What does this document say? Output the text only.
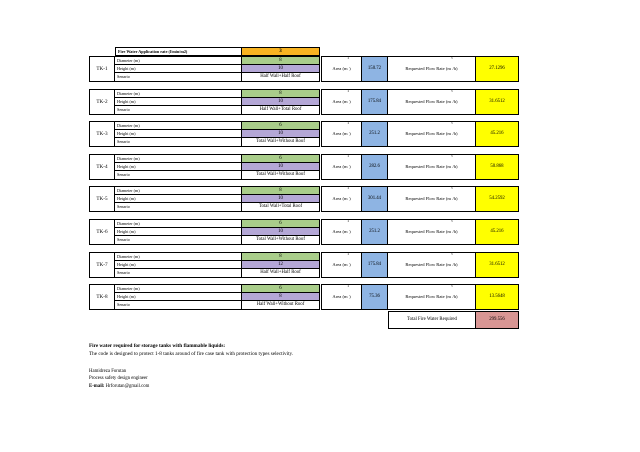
Fire Water Application rate (l/min/m2)	3
TK-1
Diameter (m)	8
Height (m)	10
Senario	Half Wall+Half Roof
Area $(m^2)$	150.72	Requested Flow Rate $(m^3/h)$	27.1296
TK-2
Diameter (m)	8
Height (m)	10
Senario	Half Wall+Total Roof
Area $(m^2)$	175.84	Requested Flow Rate $(m^3/h)$	31.6512
TK-3
Diameter (m)	6
Height (m)	10
Senario	Total Wall+Without Roof
Area $(m^2)$	251.2	Requested Flow Rate $(m^3/h)$	45.216
TK-4
Diameter (m)	6
Height (m)	10
Senario	Total Wall+Without Roof
Area $(m^2)$	282.6	Requested Flow Rate $(m^3/h)$	50.868
TK-5
Diameter (m)	8
Height (m)	10
Senario	Total Wall+Total Roof
Area $(m^2)$	301.44	Requested Flow Rate $(m^3/h)$	54.2592
TK-6
Diameter (m)	6
Height (m)	10
Senario	Total Wall+Without Roof
Area $(m^2)$	251.2	Requested Flow Rate $(m^3/h)$	45.216
TK-7
Diameter (m)	8
Height (m)	12
Senario	Half Wall+Half Roof
Area $(m^2)$	175.84	Requested Flow Rate $(m^3/h)$	31.6512
TK-8
Diameter (m)	6
Height (m)	8
Senario	Half Wall+Without Roof
Area $(m^2)$	75.36	Requested Flow Rate $(m^3/h)$	13.5648
Total Fire Water Required	299.556
Fire water required for storage tanks with flammable liquids:
The code is designed to protect 1-8 tanks around of fire case tank with protection types selectivity.
Hamidreza Forutan
Process safety design engineer
E-mail: Hrforutan@gmail.com
